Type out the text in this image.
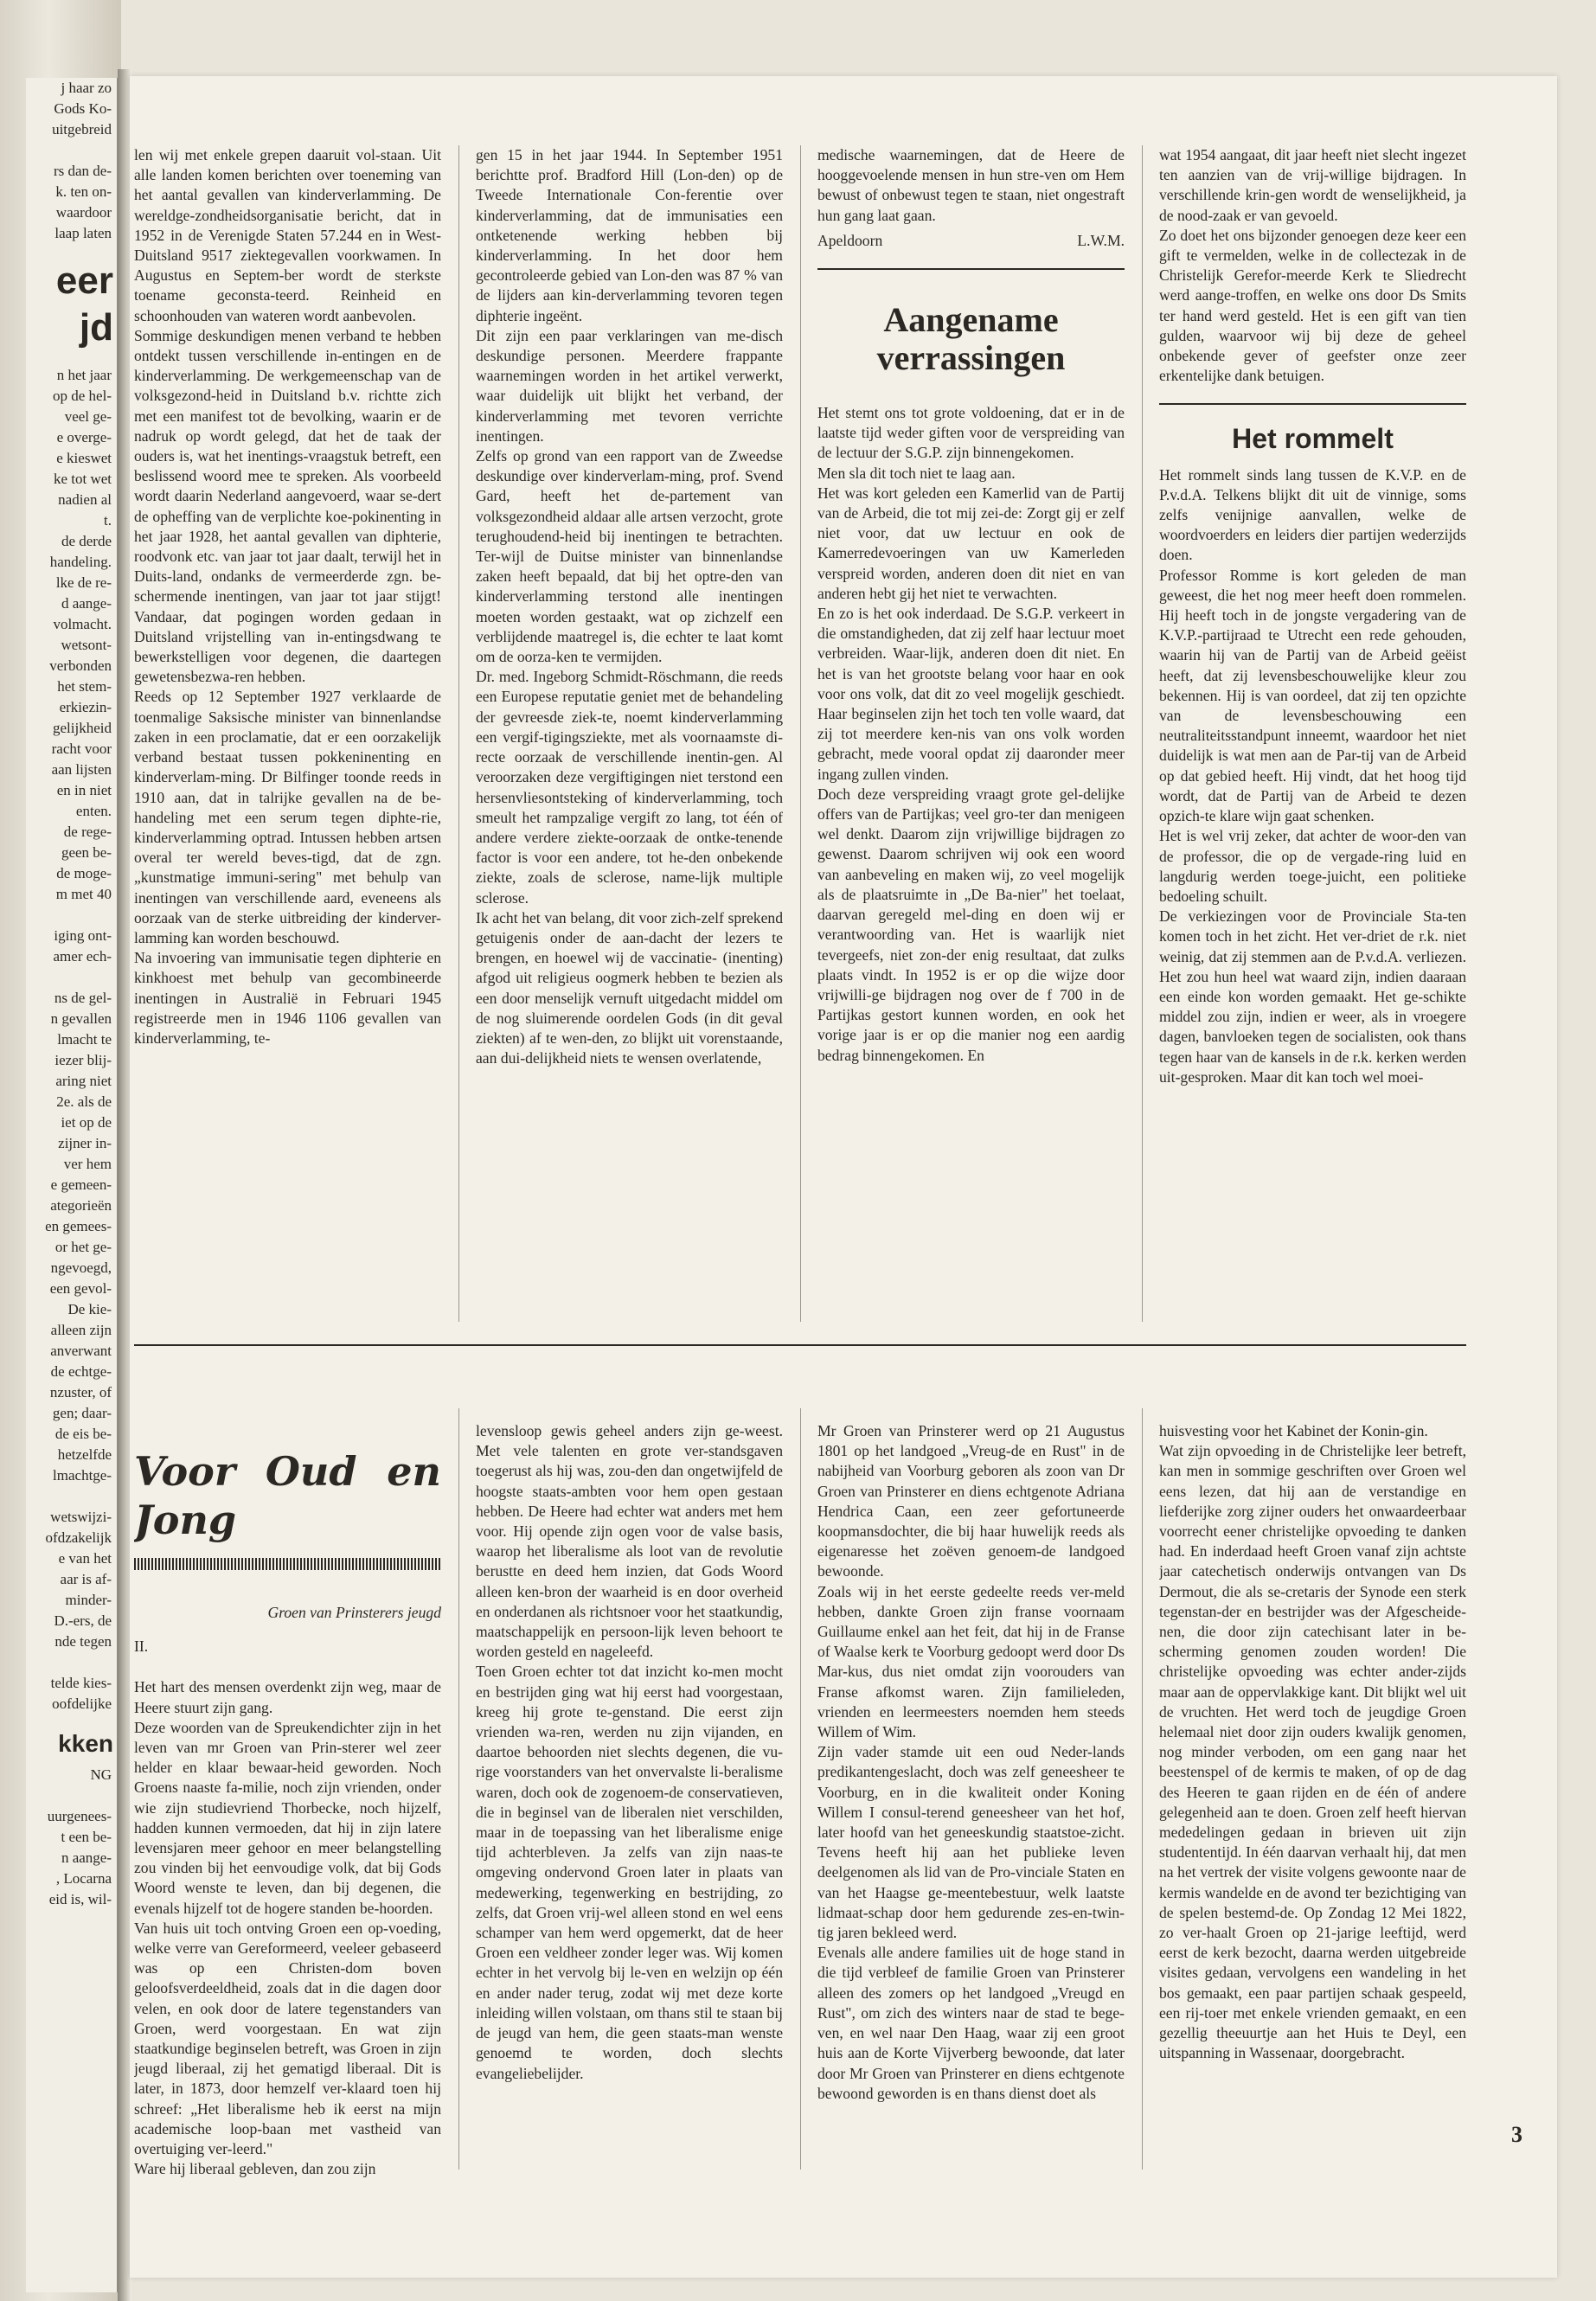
j haar zo

Gods Ko-

uitgebreid

rs dan de-

k. ten on-

waardoor

laap laten

eer
jd

n het jaar

op de hel-

veel ge-

e overge-

e kieswet

ke tot wet

nadien al

t.

de derde

handeling.

lke de re-

d aange-

volmacht.

wetsont-

verbonden

het stem-

erkiezin-

gelijkheid

racht voor

aan lijsten

en in niet

enten.

de rege-

geen be-

de moge-

m met 40

iging ont-

amer ech-

ns de gel-

n gevallen

lmacht te

iezer blij-

aring niet

2e. als de

iet op de

zijner in-

ver hem

e gemeen-

ategorieën

en gemees-

or het ge-

ngevoegd,

een gevol-

De kie-

alleen zijn

anverwant

de echtge-

nzuster, of

gen; daar-

de eis be-

hetzelfde

lmachtge-

wetswijzi-

ofdzakelijk

e van het

aar is af-

minder-

D.-ers, de

nde tegen

telde kies-

oofdelijke

kken

NG

uurgenees-

t een be-

n aange-

, Locarna

eid is, wil-

len wij met enkele grepen daaruit vol-staan. Uit alle landen komen berichten over toeneming van het aantal gevallen van kinderverlamming. De wereldge-zondheidsorganisatie bericht, dat in 1952 in de Verenigde Staten 57.244 en in West-Duitsland 9517 ziektegevallen voorkwamen. In Augustus en Septem-ber wordt de sterkste toename geconsta-teerd. Reinheid en schoonhouden van wateren wordt aanbevolen.

Sommige deskundigen menen verband te hebben ontdekt tussen verschillende in-entingen en de kinderverlamming. De werkgemeenschap van de volksgezond-heid in Duitsland b.v. richtte zich met een manifest tot de bevolking, waarin er de nadruk op wordt gelegd, dat het de taak der ouders is, wat het inentings-vraagstuk betreft, een beslissend woord mee te spreken. Als voorbeeld wordt daarin Nederland aangevoerd, waar se-dert de opheffing van de verplichte koe-pokinenting in het jaar 1928, het aantal gevallen van diphterie, roodvonk etc. van jaar tot jaar daalt, terwijl het in Duits-land, ondanks de vermeerderde zgn. be-schermende inentingen, van jaar tot jaar stijgt! Vandaar, dat pogingen worden gedaan in Duitsland vrijstelling van in-entingsdwang te bewerkstelligen voor degenen, die daartegen gewetensbezwa-ren hebben.

Reeds op 12 September 1927 verklaarde de toenmalige Saksische minister van binnenlandse zaken in een proclamatie, dat er een oorzakelijk verband bestaat tussen pokkeninenting en kinderverlam-ming. Dr Bilfinger toonde reeds in 1910 aan, dat in talrijke gevallen na de be-handeling met een serum tegen diphte-rie, kinderverlamming optrad. Intussen hebben artsen overal ter wereld beves-tigd, dat de zgn. „kunstmatige immuni-sering" met behulp van inentingen van verschillende aard, eveneens als oorzaak van de sterke uitbreiding der kinderver-lamming kan worden beschouwd.

Na invoering van immunisatie tegen diphterie en kinkhoest met behulp van gecombineerde inentingen in Australië in Februari 1945 registreerde men in 1946 1106 gevallen van kinderverlamming, te-

gen 15 in het jaar 1944. In September 1951 berichtte prof. Bradford Hill (Lon-den) op de Tweede Internationale Con-ferentie over kinderverlamming, dat de immunisaties een ontketenende werking hebben bij kinderverlamming. In het door hem gecontroleerde gebied van Lon-den was 87 % van de lijders aan kin-derverlamming tevoren tegen diphterie ingeënt.

Dit zijn een paar verklaringen van me-disch deskundige personen. Meerdere frappante waarnemingen worden in het artikel verwerkt, waar duidelijk uit blijkt het verband, der kinderverlamming met tevoren verrichte inentingen.

Zelfs op grond van een rapport van de Zweedse deskundige over kinderverlam-ming, prof. Svend Gard, heeft het de-partement van volksgezondheid aldaar alle artsen verzocht, grote terughoudend-heid bij inentingen te betrachten. Ter-wijl de Duitse minister van binnenlandse zaken heeft bepaald, dat bij het optre-den van kinderverlamming terstond alle inentingen moeten worden gestaakt, wat op zichzelf een verblijdende maatregel is, die echter te laat komt om de oorza-ken te vermijden.

Dr. med. Ingeborg Schmidt-Röschmann, die reeds een Europese reputatie geniet met de behandeling der gevreesde ziek-te, noemt kinderverlamming een vergif-tigingsziekte, met als voornaamste di-recte oorzaak de verschillende inentin-gen. Al veroorzaken deze vergiftigingen niet terstond een hersenvliesontsteking of kinderverlamming, toch smeult het rampzalige vergift zo lang, tot één of andere verdere ziekte-oorzaak de ontke-tenende factor is voor een andere, tot he-den onbekende ziekte, zoals de sclerose, name-lijk multiple sclerose.

Ik acht het van belang, dit voor zich-zelf sprekend getuigenis onder de aan-dacht der lezers te brengen, en hoewel wij de vaccinatie- (inenting) afgod uit religieus oogmerk hebben te bezien als een door menselijk vernuft uitgedacht middel om de nog sluimerende oordelen Gods (in dit geval ziekten) af te wen-den, zo blijkt uit vorenstaande, aan dui-delijkheid niets te wensen overlatende,

medische waarnemingen, dat de Heere de hooggevoelende mensen in hun stre-ven om Hem bewust of onbewust tegen te staan, niet ongestraft hun gang laat gaan.

Apeldoorn	L.W.M.
Aangename verrassingen

Het stemt ons tot grote voldoening, dat er in de laatste tijd weder giften voor de verspreiding van de lectuur der S.G.P. zijn binnengekomen.

Men sla dit toch niet te laag aan.

Het was kort geleden een Kamerlid van de Partij van de Arbeid, die tot mij zei-de: Zorgt gij er zelf niet voor, dat uw lectuur en ook de Kamerredevoeringen van uw Kamerleden verspreid worden, anderen doen dit niet en van anderen hebt gij het niet te verwachten.

En zo is het ook inderdaad. De S.G.P. verkeert in die omstandigheden, dat zij zelf haar lectuur moet verbreiden. Waar-lijk, anderen doen dit niet. En het is van het grootste belang voor haar en ook voor ons volk, dat dit zo veel mogelijk geschiedt. Haar beginselen zijn het toch ten volle waard, dat zij tot meerdere ken-nis van ons volk worden gebracht, mede vooral opdat zij daaronder meer ingang zullen vinden.

Doch deze verspreiding vraagt grote gel-delijke offers van de Partijkas; veel gro-ter dan menigeen wel denkt. Daarom zijn vrijwillige bijdragen zo gewenst. Daarom schrijven wij ook een woord van aanbeveling en maken wij, zo veel mogelijk als de plaatsruimte in „De Ba-nier" het toelaat, daarvan geregeld mel-ding en doen wij er verantwoording van. Het is waarlijk niet tevergeefs, niet zon-der enig resultaat, dat zulks plaats vindt. In 1952 is er op die wijze door vrijwilli-ge bijdragen nog over de f 700 in de Partijkas gestort kunnen worden, en ook het vorige jaar is er op die manier nog een aardig bedrag binnengekomen. En

wat 1954 aangaat, dit jaar heeft niet slecht ingezet ten aanzien van de vrij-willige bijdragen. In verschillende krin-gen wordt de wenselijkheid, ja de nood-zaak er van gevoeld.

Zo doet het ons bijzonder genoegen deze keer een gift te vermelden, welke in de collectezak in de Christelijk Gerefor-meerde Kerk te Sliedrecht werd aange-troffen, en welke ons door Ds Smits ter hand werd gesteld. Het is een gift van tien gulden, waarvoor wij bij deze de geheel onbekende gever of geefster onze zeer erkentelijke dank betuigen.

Het rommelt

Het rommelt sinds lang tussen de K.V.P. en de P.v.d.A. Telkens blijkt dit uit de vinnige, soms zelfs venijnige aanvallen, welke de woordvoerders en leiders dier partijen wederzijds doen.

Professor Romme is kort geleden de man geweest, die het nog meer heeft doen rommelen. Hij heeft toch in de jongste vergadering van de K.V.P.-partijraad te Utrecht een rede gehouden, waarin hij van de Partij van de Arbeid geëist heeft, dat zij levensbeschouwelijke kleur zou bekennen. Hij is van oordeel, dat zij ten opzichte van de levensbeschouwing een neutraliteitsstandpunt inneemt, waardoor het niet duidelijk is wat men aan de Par-tij van de Arbeid op dat gebied heeft. Hij vindt, dat het hoog tijd wordt, dat de Partij van de Arbeid te dezen opzich-te klare wijn gaat schenken.

Het is wel vrij zeker, dat achter de woor-den van de professor, die op de vergade-ring luid en langdurig werden toege-juicht, een politieke bedoeling schuilt.

De verkiezingen voor de Provinciale Sta-ten komen toch in het zicht. Het ver-driet de r.k. niet weinig, dat zij stemmen aan de P.v.d.A. verliezen. Het zou hun heel wat waard zijn, indien daaraan een einde kon worden gemaakt. Het ge-schikte middel zou zijn, indien er weer, als in vroegere dagen, banvloeken tegen de socialisten, ook thans tegen haar van de kansels in de r.k. kerken werden uit-gesproken. Maar dit kan toch wel moei-

Voor Oud en Jong
Groen van Prinsterers jeugd

II.

Het hart des mensen overdenkt zijn weg, maar de Heere stuurt zijn gang.

Deze woorden van de Spreukendichter zijn in het leven van mr Groen van Prin-sterer wel zeer helder en klaar bewaar-heid geworden. Noch Groens naaste fa-milie, noch zijn vrienden, onder wie zijn studievriend Thorbecke, noch hijzelf, hadden kunnen vermoeden, dat hij in zijn latere levensjaren meer gehoor en meer belangstelling zou vinden bij het eenvoudige volk, dat bij Gods Woord wenste te leven, dan bij degenen, die evenals hijzelf tot de hogere standen be-hoorden.

Van huis uit toch ontving Groen een op-voeding, welke verre van Gereformeerd, veeleer gebaseerd was op een Christen-dom boven geloofsverdeeldheid, zoals dat in die dagen door velen, en ook door de latere tegenstanders van Groen, werd voorgestaan. En wat zijn staatkundige beginselen betreft, was Groen in zijn jeugd liberaal, zij het gematigd liberaal. Dit is later, in 1873, door hemzelf ver-klaard toen hij schreef: „Het liberalisme heb ik eerst na mijn academische loop-baan met vastheid van overtuiging ver-leerd."

Ware hij liberaal gebleven, dan zou zijn

levensloop gewis geheel anders zijn ge-weest. Met vele talenten en grote ver-standsgaven toegerust als hij was, zou-den dan ongetwijfeld de hoogste staats-ambten voor hem open gestaan hebben. De Heere had echter wat anders met hem voor. Hij opende zijn ogen voor de valse basis, waarop het liberalisme als loot van de revolutie berustte en deed hem inzien, dat Gods Woord alleen ken-bron der waarheid is en door overheid en onderdanen als richtsnoer voor het staatkundig, maatschappelijk en persoon-lijk leven behoort te worden gesteld en nageleefd.

Toen Groen echter tot dat inzicht ko-men mocht en bestrijden ging wat hij eerst had voorgestaan, kreeg hij grote te-genstand. Die eerst zijn vrienden wa-ren, werden nu zijn vijanden, en daartoe behoorden niet slechts degenen, die vu-rige voorstanders van het onvervalste li-beralisme waren, doch ook de zogenoem-de conservatieven, die in beginsel van de liberalen niet verschilden, maar in de toepassing van het liberalisme enige tijd achterbleven. Ja zelfs van zijn naas-te omgeving ondervond Groen later in plaats van medewerking, tegenwerking en bestrijding, zo zelfs, dat Groen vrij-wel alleen stond en wel eens schamper van hem werd opgemerkt, dat de heer Groen een veldheer zonder leger was. Wij komen echter in het vervolg bij le-ven en welzijn op één en ander nader terug, zodat wij met deze korte inleiding willen volstaan, om thans stil te staan bij de jeugd van hem, die geen staats-man wenste genoemd te worden, doch slechts evangeliebelijder.

Mr Groen van Prinsterer werd op 21 Augustus 1801 op het landgoed „Vreug-de en Rust" in de nabijheid van Voorburg geboren als zoon van Dr Groen van Prinsterer en diens echtgenote Adriana Hendrica Caan, een zeer gefortuneerde koopmansdochter, die bij haar huwelijk reeds als eigenaresse het zoëven genoem-de landgoed bewoonde.

Zoals wij in het eerste gedeelte reeds ver-meld hebben, dankte Groen zijn franse voornaam Guillaume enkel aan het feit, dat hij in de Franse of Waalse kerk te Voorburg gedoopt werd door Ds Mar-kus, dus niet omdat zijn voorouders van Franse afkomst waren. Zijn familieleden, vrienden en leermeesters noemden hem steeds Willem of Wim.

Zijn vader stamde uit een oud Neder-lands predikantengeslacht, doch was zelf geneesheer te Voorburg, en in die kwaliteit onder Koning Willem I consul-terend geneesheer van het hof, later hoofd van het geneeskundig staatstoe-zicht. Tevens heeft hij aan het publieke leven deelgenomen als lid van de Pro-vinciale Staten en van het Haagse ge-meentebestuur, welk laatste lidmaat-schap door hem gedurende zes-en-twin-tig jaren bekleed werd.

Evenals alle andere families uit de hoge stand in die tijd verbleef de familie Groen van Prinsterer alleen des zomers op het landgoed „Vreugd en Rust", om zich des winters naar de stad te bege-ven, en wel naar Den Haag, waar zij een groot huis aan de Korte Vijverberg bewoonde, dat later door Mr Groen van Prinsterer en diens echtgenote bewoond geworden is en thans dienst doet als

huisvesting voor het Kabinet der Konin-gin.

Wat zijn opvoeding in de Christelijke leer betreft, kan men in sommige geschriften over Groen wel eens lezen, dat hij aan de verstandige en liefderijke zorg zijner ouders het onwaardeerbaar voorrecht eener christelijke opvoeding te danken had. En inderdaad heeft Groen vanaf zijn achtste jaar catechetisch onderwijs ontvangen van Ds Dermout, die als se-cretaris der Synode een sterk tegenstan-der en bestrijder was der Afgescheide-nen, die door zijn catechisant later in be-scherming genomen zouden worden! Die christelijke opvoeding was echter ander-zijds maar aan de oppervlakkige kant. Dit blijkt wel uit de vruchten. Het werd toch de jeugdige Groen helemaal niet door zijn ouders kwalijk genomen, nog minder verboden, om een gang naar het beestenspel of de kermis te maken, of op de dag des Heeren te gaan rijden en de één of andere gelegenheid aan te doen. Groen zelf heeft hiervan mededelingen gedaan in brieven uit zijn studententijd. In één daarvan verhaalt hij, dat men na het vertrek der visite volgens gewoonte naar de kermis wandelde en de avond ter bezichtiging van de spelen bestemd-de. Op Zondag 12 Mei 1822, zo ver-haalt Groen op 21-jarige leeftijd, werd eerst de kerk bezocht, daarna werden uitgebreide visites gedaan, vervolgens een wandeling in het bos gemaakt, een paar partijen schaak gespeeld, een rij-toer met enkele vrienden gemaakt, en een gezellig theeuurtje aan het Huis te Deyl, een uitspanning in Wassenaar, doorgebracht.

3
